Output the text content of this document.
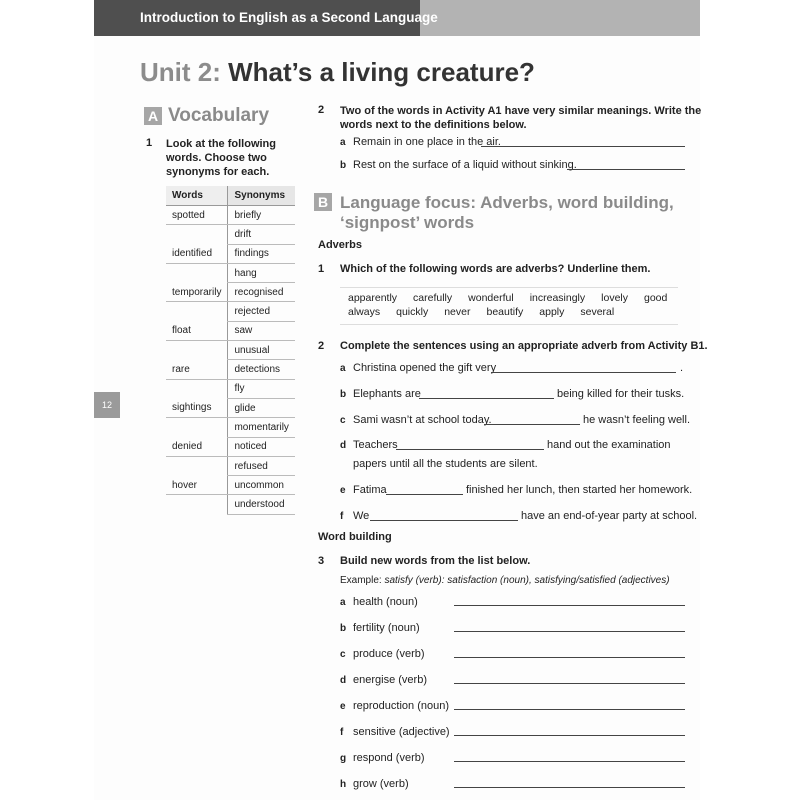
Introduction to English as a Second Language
Unit 2: What’s a living creature?
12
A Vocabulary
1 Look at the following
words. Choose two
synonyms for each.
Words	Synonyms
spotted	briefly
	drift
identified	findings
	hang
temporarily	recognised
	rejected
float	saw
	unusual
rare	detections
	fly
sightings	glide
	momentarily
denied	noticed
	refused
hover	uncommon
	understood
2 Two of the words in Activity A1 have very similar meanings. Write the
words next to the definitions below.
a Remain in one place in the air.
b Rest on the surface of a liquid without sinking.
B Language focus: Adverbs, word building,
‘signpost’ words
Adverbs
1 Which of the following words are adverbs? Underline them.
apparently carefully wonderful increasingly lovely good
always quickly never beautify apply several
2 Complete the sentences using an appropriate adverb from Activity B1.
a Christina opened the gift very	.
b Elephants are	being killed for their tusks.
c Sami wasn’t at school today.	he wasn’t feeling well.
d Teachers	hand out the examination
papers until all the students are silent.
e Fatima	finished her lunch, then started her homework.
f We	have an end-of-year party at school.
Word building
3 Build new words from the list below.
Example: satisfy (verb): satisfaction (noun), satisfying/satisfied (adjectives)
a health (noun)
b fertility (noun)
c produce (verb)
d energise (verb)
e reproduction (noun)
f sensitive (adjective)
g respond (verb)
h grow (verb)
